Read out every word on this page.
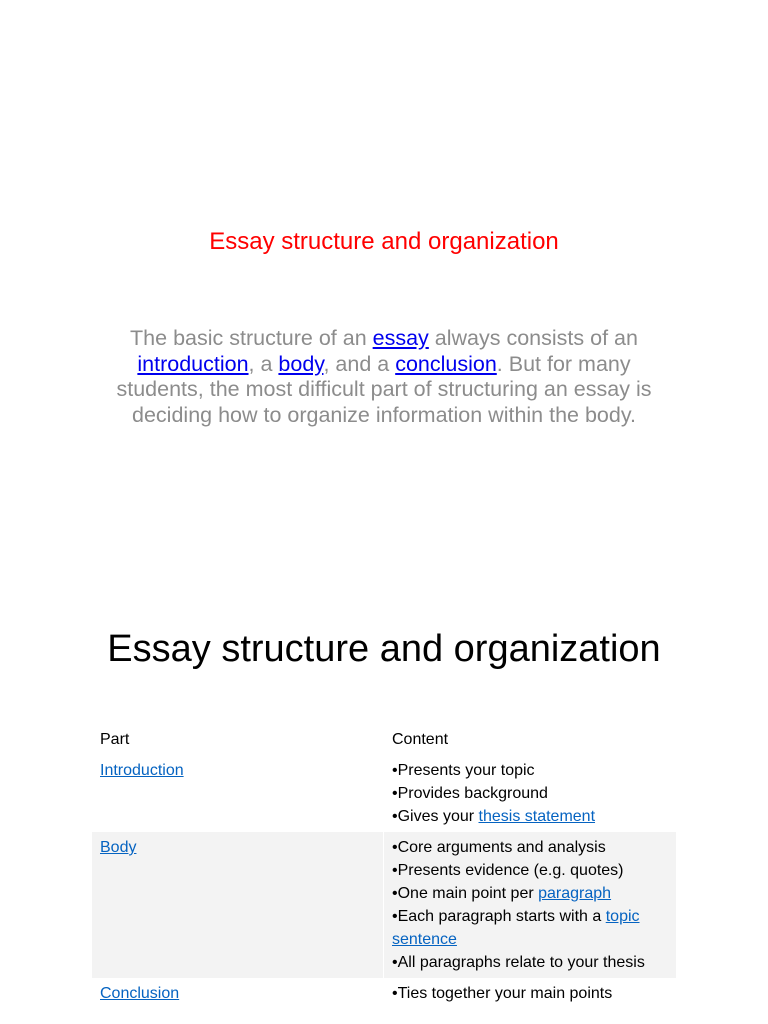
Essay structure and organization
The basic structure of an essay always consists of an introduction, a body, and a conclusion. But for many students, the most difficult part of structuring an essay is deciding how to organize information within the body.
Essay structure and organization
Part	Content
Introduction	•Presents your topic
•Provides background
•Gives your thesis statement
Body	•Core arguments and analysis
•Presents evidence (e.g. quotes)
•One main point per paragraph
•Each paragraph starts with a topic sentence
•All paragraphs relate to your thesis
Conclusion	•Ties together your main points
